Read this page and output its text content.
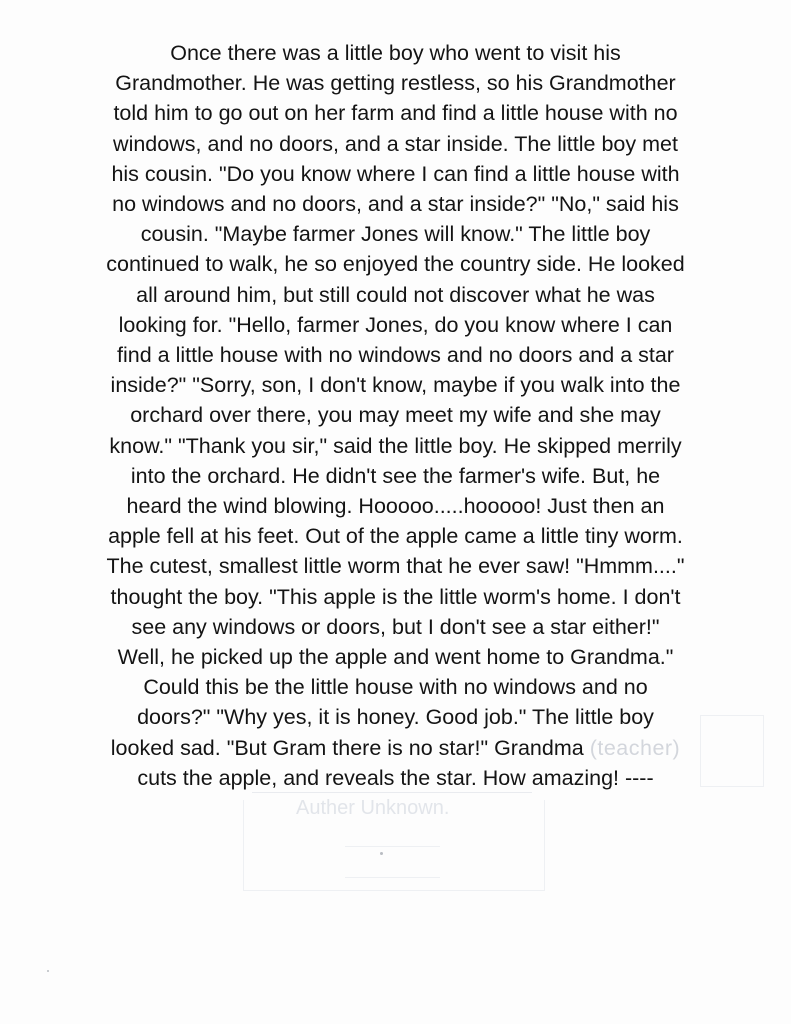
Auther Unknown.
Once there was a little boy who went to visit his
Grandmother. He was getting restless, so his Grandmother
told him to go out on her farm and find a little house with no
windows, and no doors, and a star inside. The little boy met
his cousin. "Do you know where I can find a little house with
no windows and no doors, and a star inside?" "No," said his
cousin. "Maybe farmer Jones will know." The little boy
continued to walk, he so enjoyed the country side. He looked
all around him, but still could not discover what he was
looking for. "Hello, farmer Jones, do you know where I can
find a little house with no windows and no doors and a star
inside?" "Sorry, son, I don't know, maybe if you walk into the
orchard over there, you may meet my wife and she may
know." "Thank you sir," said the little boy. He skipped merrily
into the orchard. He didn't see the farmer's wife. But, he
heard the wind blowing. Hooooo.....hooooo! Just then an
apple fell at his feet. Out of the apple came a little tiny worm.
The cutest, smallest little worm that he ever saw! "Hmmm...."
thought the boy. "This apple is the little worm's home. I don't
see any windows or doors, but I don't see a star either!"
Well, he picked up the apple and went home to Grandma."
Could this be the little house with no windows and no
doors?" "Why yes, it is honey. Good job." The little boy
looked sad. "But Gram there is no star!" Grandma (teacher)
cuts the apple, and reveals the star. How amazing! ----
